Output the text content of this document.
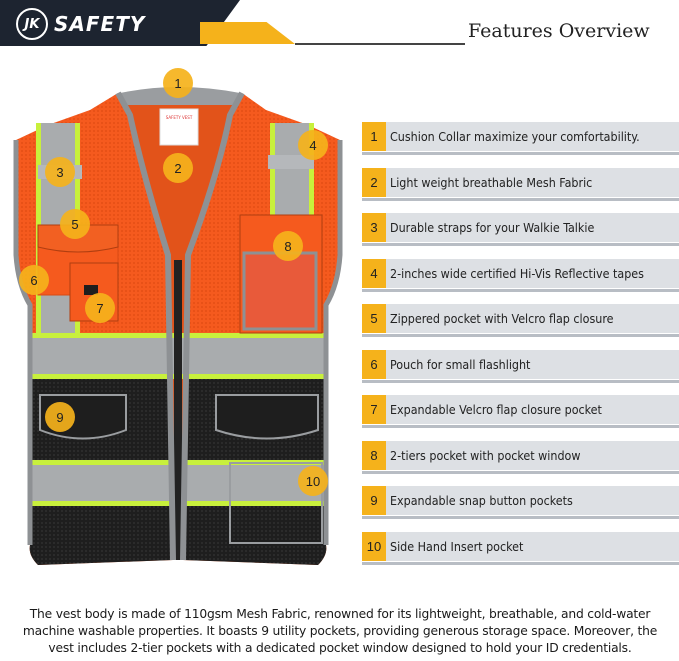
JK SAFETY	Features Overview
SAFETY VEST
1
2
3
4
5
6
7
8
9
10
1 Cushion Collar maximize your comfortability.
2 Light weight breathable Mesh Fabric
3 Durable straps for your Walkie Talkie
4 2-inches wide certified Hi-Vis Reflective tapes
5 Zippered pocket with Velcro flap closure
6 Pouch for small flashlight
7 Expandable Velcro flap closure pocket
8 2-tiers pocket with pocket window
9 Expandable snap button pockets
10 Side Hand Insert pocket
The vest body is made of 110gsm Mesh Fabric, renowned for its lightweight, breathable, and cold-water machine washable properties. It boasts 9 utility pockets, providing generous storage space. Moreover, the vest includes 2-tier pockets with a dedicated pocket window designed to hold your ID credentials.
